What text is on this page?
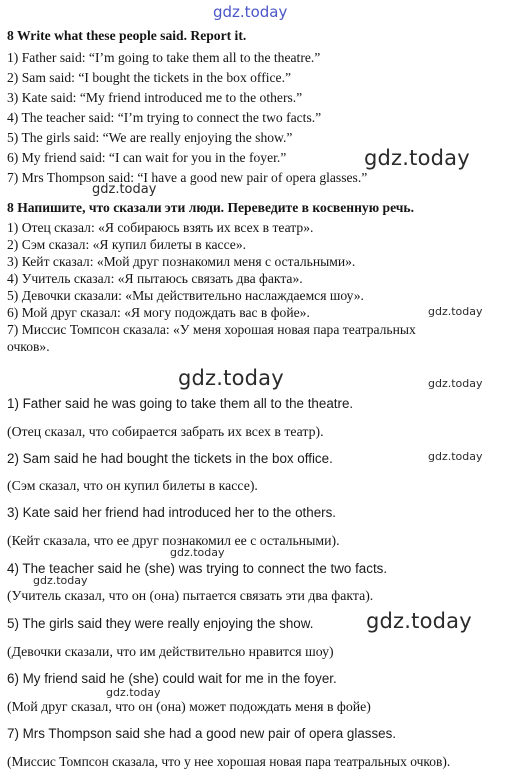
gdz.today
8 Write what these people said. Report it.
1) Father said: “I’m going to take them all to the theatre.”
2) Sam said: “I bought the tickets in the box office.”
3) Kate said: “My friend introduced me to the others.”
4) The teacher said: “I’m trying to connect the two facts.”
5) The girls said: “We are really enjoying the show.”
6) My friend said: “I can wait for you in the foyer.”
7) Mrs Thompson said: “I have a good new pair of opera glasses.”
gdz.today
gdz.today
8 Напишите, что сказали эти люди. Переведите в косвенную речь.
1) Отец сказал: «Я собираюсь взять их всех в театр».
2) Сэм сказал: «Я купил билеты в кассе».
3) Кейт сказал: «Мой друг познакомил меня с остальными».
4) Учитель сказал: «Я пытаюсь связать два факта».
5) Девочки сказали: «Мы действительно наслаждаемся шоу».
6) Мой друг сказал: «Я могу подождать вас в фойе».
7) Миссис Томпсон сказала: «У меня хорошая новая пара театральных
очков».
gdz.today
gdz.today	gdz.today
1) Father said he was going to take them all to the theatre.
(Отец сказал, что собирается забрать их всех в театр).
gdz.today
2) Sam said he had bought the tickets in the box office.
(Сэм сказал, что он купил билеты в кассе).
3) Kate said her friend had introduced her to the others.
(Кейт сказала, что ее друг познакомил ее с остальными).
gdz.today
4) The teacher said he (she) was trying to connect the two facts.
gdz.today
(Учитель сказал, что он (она) пытается связать эти два факта).
5) The girls said they were really enjoying the show.	gdz.today
(Девочки сказали, что им действительно нравится шоу)
6) My friend said he (she) could wait for me in the foyer.
gdz.today
(Мой друг сказал, что он (она) может подождать меня в фойе)
7) Mrs Thompson said she had a good new pair of opera glasses.
(Миссис Томпсон сказала, что у нее хорошая новая пара театральных очков).
